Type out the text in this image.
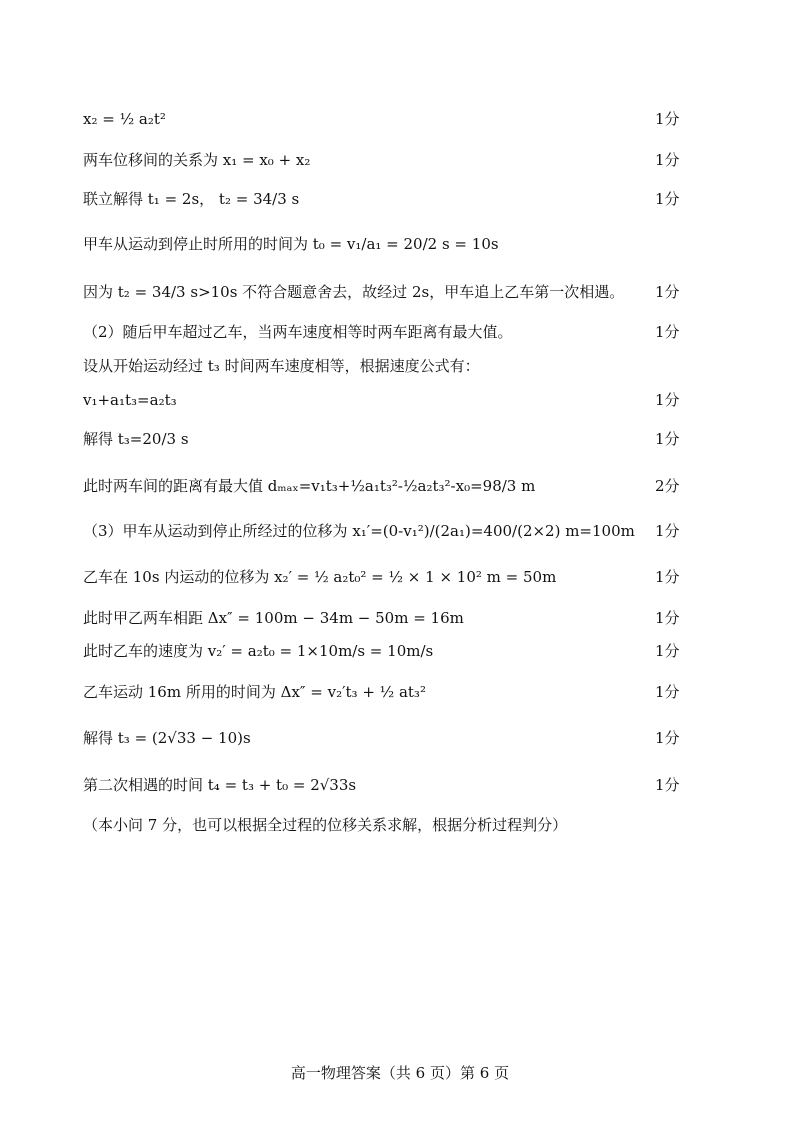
x₂ = ½ a₂t²	1分
两车位移间的关系为 x₁ = x₀ + x₂	1分
联立解得 t₁ = 2s， t₂ = 34/3 s	1分
甲车从运动到停止时所用的时间为 t₀ = v₁/a₁ = 20/2 s = 10s
因为 t₂ = 34/3 s>10s 不符合题意舍去，故经过 2s，甲车追上乙车第一次相遇。 1分
（2）随后甲车超过乙车，当两车速度相等时两车距离有最大值。	1分
设从开始运动经过 t₃ 时间两车速度相等，根据速度公式有：
v₁+a₁t₃=a₂t₃	1分
解得 t₃=20/3 s	1分
此时两车间的距离有最大值 dₘₐₓ=v₁t₃+½a₁t₃²-½a₂t₃²-x₀=98/3 m	2分
（3）甲车从运动到停止所经过的位移为 x₁′=(0-v₁²)/(2a₁)=400/(2×2) m=100m 1分
乙车在 10s 内运动的位移为 x₂′ = ½ a₂t₀² = ½ × 1 × 10² m = 50m	1分
此时甲乙两车相距 Δx″ = 100m − 34m − 50m = 16m	1分
此时乙车的速度为 v₂′ = a₂t₀ = 1×10m/s = 10m/s	1分
乙车运动 16m 所用的时间为 Δx″ = v₂′t₃ + ½ at₃²	1分
解得 t₃ = (2√33 − 10)s	1分
第二次相遇的时间 t₄ = t₃ + t₀ = 2√33s	1分
（本小问 7 分，也可以根据全过程的位移关系求解，根据分析过程判分）
高一物理答案（共 6 页）第 6 页
